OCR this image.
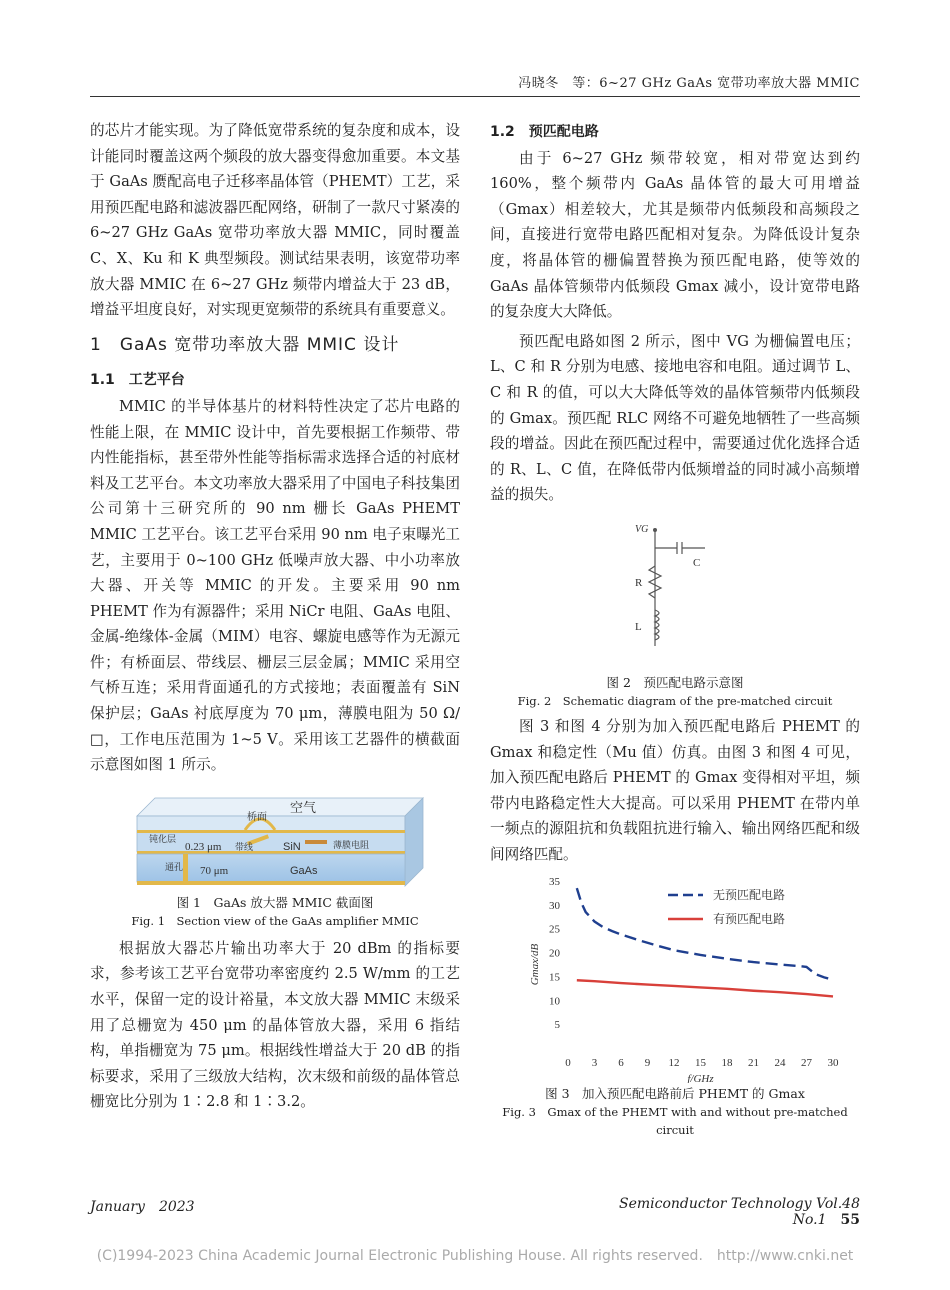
冯晓冬　等：6~27 GHz GaAs 宽带功率放大器 MMIC

的芯片才能实现。为了降低宽带系统的复杂度和成本，设计能同时覆盖这两个频段的放大器变得愈加重要。本文基于 GaAs 赝配高电子迁移率晶体管（PHEMT）工艺，采用预匹配电路和滤波器匹配网络，研制了一款尺寸紧凑的 6~27 GHz GaAs 宽带功率放大器 MMIC，同时覆盖 C、X、Ku 和 K 典型频段。测试结果表明，该宽带功率放大器 MMIC 在 6~27 GHz 频带内增益大于 23 dB，增益平坦度良好，对实现更宽频带的系统具有重要意义。

1　GaAs 宽带功率放大器 MMIC 设计
1.1　工艺平台

MMIC 的半导体基片的材料特性决定了芯片电路的性能上限，在 MMIC 设计中，首先要根据工作频带、带内性能指标，甚至带外性能等指标需求选择合适的衬底材料及工艺平台。本文功率放大器采用了中国电子科技集团公司第十三研究所的 90 nm 栅长 GaAs PHEMT MMIC 工艺平台。该工艺平台采用 90 nm 电子束曝光工艺，主要用于 0~100 GHz 低噪声放大器、中小功率放大器、开关等 MMIC 的开发。主要采用 90 nm PHEMT 作为有源器件；采用 NiCr 电阻、GaAs 电阻、金属-绝缘体-金属（MIM）电容、螺旋电感等作为无源元件；有桥面层、带线层、栅层三层金属；MMIC 采用空气桥互连；采用背面通孔的方式接地；表面覆盖有 SiN 保护层；GaAs 衬底厚度为 70 μm，薄膜电阻为 50 Ω/□，工作电压范围为 1~5 V。采用该工艺器件的横截面示意图如图 1 所示。

桥面
空气
钝化层
0.23 μm 带线	SiN	薄膜电阻
通孔 70 μm	GaAs
图 1　GaAs 放大器 MMIC 截面图
Fig. 1　Section view of the GaAs amplifier MMIC

根据放大器芯片输出功率大于 20 dBm 的指标要求，参考该工艺平台宽带功率密度约 2.5 W/mm 的工艺水平，保留一定的设计裕量，本文放大器 MMIC 末级采用了总栅宽为 450 μm 的晶体管放大器，采用 6 指结构，单指栅宽为 75 μm。根据线性增益大于 20 dB 的指标要求，采用了三级放大结构，次末级和前级的晶体管总栅宽比分别为 1∶2.8 和 1∶3.2。

1.2　预匹配电路

由于 6~27 GHz 频带较宽，相对带宽达到约 160%，整个频带内 GaAs 晶体管的最大可用增益（Gmax）相差较大，尤其是频带内低频段和高频段之间，直接进行宽带电路匹配相对复杂。为降低设计复杂度，将晶体管的栅偏置替换为预匹配电路，使等效的 GaAs 晶体管频带内低频段 Gmax 减小，设计宽带电路的复杂度大大降低。

预匹配电路如图 2 所示，图中 VG 为栅偏置电压；L、C 和 R 分别为电感、接地电容和电阻。通过调节 L、C 和 R 的值，可以大大降低等效的晶体管频带内低频段的 Gmax。预匹配 RLC 网络不可避免地牺牲了一些高频段的增益。因此在预匹配过程中，需要通过优化选择合适的 R、L、C 值，在降低带内低频增益的同时减小高频增益的损失。

VG
C
R
L
图 2　预匹配电路示意图
Fig. 2　Schematic diagram of the pre-matched circuit

图 3 和图 4 分别为加入预匹配电路后 PHEMT 的 Gmax 和稳定性（Mu 值）仿真。由图 3 和图 4 可见，加入预匹配电路后 PHEMT 的 Gmax 变得相对平坦，频带内电路稳定性大大提高。可以采用 PHEMT 在带内单一频点的源阻抗和负载阻抗进行输入、输出网络匹配和级间网络匹配。

5
10
15
20
25
30
35
0 3 6 9 12 15 18 21 24 27 30
f/GHz
Gmax/dB
无预匹配电路
有预匹配电路
图 3　加入预匹配电路前后 PHEMT 的 Gmax
Fig. 3　Gmax of the PHEMT with and without pre-matched circuit
January　2023	Semiconductor Technology Vol.48 No.1 55
(C)1994-2023 China Academic Journal Electronic Publishing House. All rights reserved.　http://www.cnki.net
